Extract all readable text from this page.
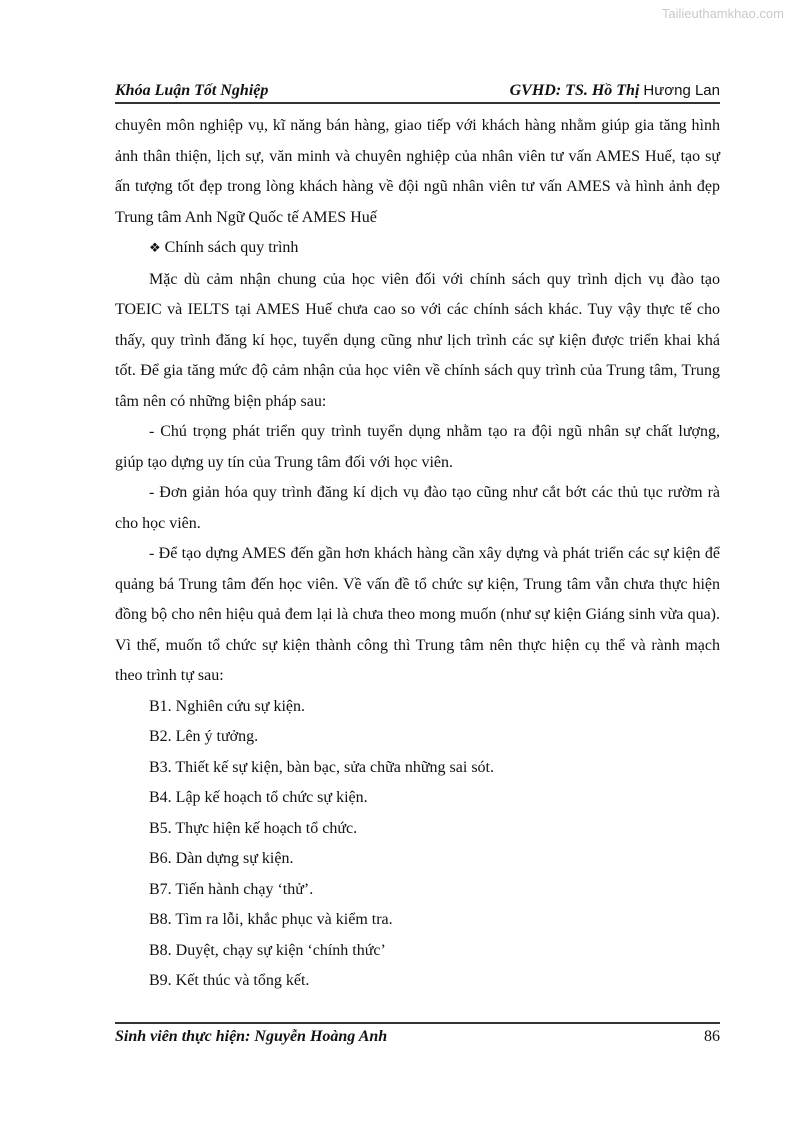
Tailieuthamkhao.com
Khóa Luận Tốt Nghiệp	GVHD: TS. Hồ Thị Hương Lan

chuyên môn nghiệp vụ, kĩ năng bán hàng, giao tiếp với khách hàng nhằm giúp gia tăng hình ảnh thân thiện, lịch sự, văn minh và chuyên nghiệp của nhân viên tư vấn AMES Huế, tạo sự ấn tượng tốt đẹp trong lòng khách hàng về đội ngũ nhân viên tư vấn AMES và hình ảnh đẹp Trung tâm Anh Ngữ Quốc tế AMES Huế

❖ Chính sách quy trình

Mặc dù cảm nhận chung của học viên đối với chính sách quy trình dịch vụ đào tạo TOEIC và IELTS tại AMES Huế chưa cao so với các chính sách khác. Tuy vậy thực tế cho thấy, quy trình đăng kí học, tuyển dụng cũng như lịch trình các sự kiện được triển khai khá tốt. Để gia tăng mức độ cảm nhận của học viên về chính sách quy trình của Trung tâm, Trung tâm nên có những biện pháp sau:

- Chú trọng phát triển quy trình tuyển dụng nhằm tạo ra đội ngũ nhân sự chất lượng, giúp tạo dựng uy tín của Trung tâm đối với học viên.

- Đơn giản hóa quy trình đăng kí dịch vụ đào tạo cũng như cắt bớt các thủ tục rườm rà cho học viên.

- Để tạo dựng AMES đến gần hơn khách hàng cần xây dựng và phát triển các sự kiện để quảng bá Trung tâm đến học viên. Về vấn đề tổ chức sự kiện, Trung tâm vẫn chưa thực hiện đồng bộ cho nên hiệu quả đem lại là chưa theo mong muốn (như sự kiện Giáng sinh vừa qua). Vì thế, muốn tổ chức sự kiện thành công thì Trung tâm nên thực hiện cụ thể và rành mạch theo trình tự sau:

B1. Nghiên cứu sự kiện.

B2. Lên ý tưởng.

B3. Thiết kế sự kiện, bàn bạc, sửa chữa những sai sót.

B4. Lập kế hoạch tổ chức sự kiện.

B5. Thực hiện kế hoạch tổ chức.

B6. Dàn dựng sự kiện.

B7. Tiến hành chạy ‘thử’.

B8. Tìm ra lỗi, khắc phục và kiểm tra.

B8. Duyệt, chạy sự kiện ‘chính thức’

B9. Kết thúc và tổng kết.

Sinh viên thực hiện: Nguyễn Hoàng Anh	86
